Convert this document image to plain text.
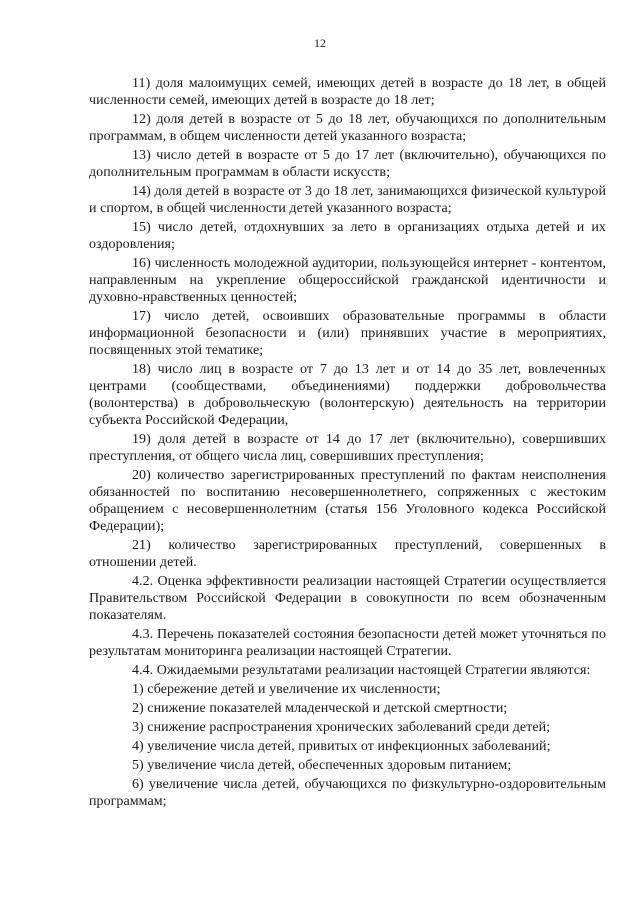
12

11) доля малоимущих семей, имеющих детей в возрасте до 18 лет, в общей численности семей, имеющих детей в возрасте до 18 лет;

12) доля детей в возрасте от 5 до 18 лет, обучающихся по дополнительным программам, в общем численности детей указанного возраста;

13) число детей в возрасте от 5 до 17 лет (включительно), обучающихся по дополнительным программам в области искусств;

14) доля детей в возрасте от 3 до 18 лет, занимающихся физической культурой и спортом, в общей численности детей указанного возраста;

15) число детей, отдохнувших за лето в организациях отдыха детей и их оздоровления;

16) численность молодежной аудитории, пользующейся интернет - контентом, направленным на укрепление общероссийской гражданской идентичности и духовно-нравственных ценностей;

17) число детей, освоивших образовательные программы в области информационной безопасности и (или) принявших участие в мероприятиях, посвященных этой тематике;

18) число лиц в возрасте от 7 до 13 лет и от 14 до 35 лет, вовлеченных центрами (сообществами, объединениями) поддержки добровольчества (волонтерства) в добровольческую (волонтерскую) деятельность на территории субъекта Российской Федерации,

19) доля детей в возрасте от 14 до 17 лет (включительно), совершивших преступления, от общего числа лиц, совершивших преступления;

20) количество зарегистрированных преступлений по фактам неисполнения обязанностей по воспитанию несовершеннолетнего, сопряженных с жестоким обращением с несовершеннолетним (статья 156 Уголовного кодекса Российской Федерации);

21) количество зарегистрированных преступлений, совершенных в отношении детей.

4.2. Оценка эффективности реализации настоящей Стратегии осуществляется Правительством Российской Федерации в совокупности по всем обозначенным показателям.

4.3. Перечень показателей состояния безопасности детей может уточняться по результатам мониторинга реализации настоящей Стратегии.

4.4. Ожидаемыми результатами реализации настоящей Стратегии являются:

1) сбережение детей и увеличение их численности;

2) снижение показателей младенческой и детской смертности;

3) снижение распространения хронических заболеваний среди детей;

4) увеличение числа детей, привитых от инфекционных заболеваний;

5) увеличение числа детей, обеспеченных здоровым питанием;

6) увеличение числа детей, обучающихся по физкультурно-оздоровительным программам;
